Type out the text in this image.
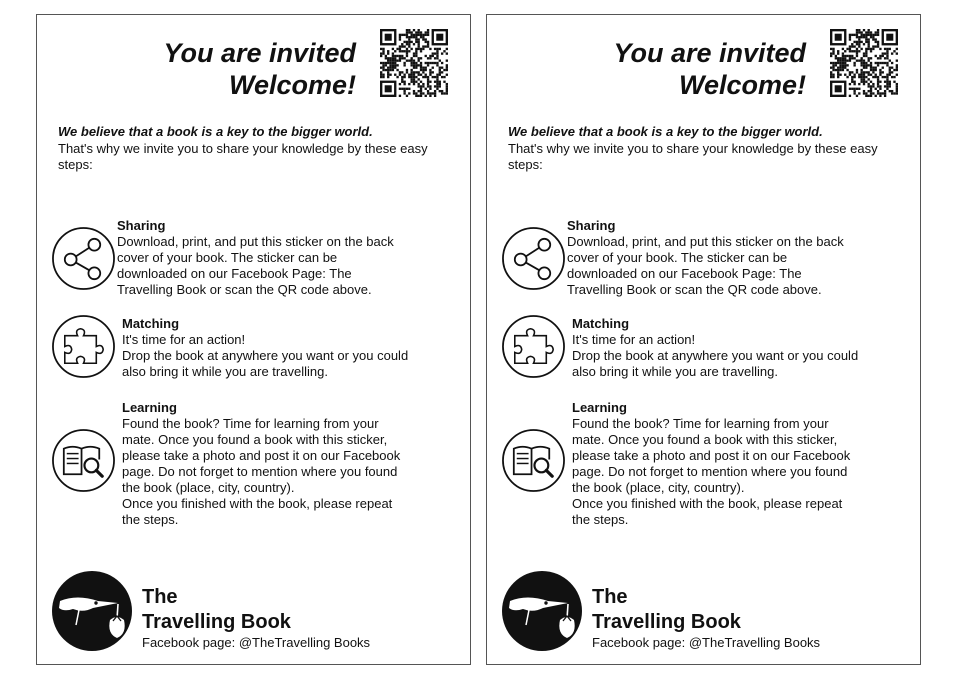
You are invited
Welcome!
We believe that a book is a key to the bigger world.
That's why we invite you to share your knowledge by these easy steps:
Sharing
Download, print, and put this sticker on the back
cover of your book. The sticker can be
downloaded on our Facebook Page: The
Travelling Book or scan the QR code above.
Matching
It's time for an action!
Drop the book at anywhere you want or you could
also bring it while you are travelling.
Learning
Found the book? Time for learning from your
mate. Once you found a book with this sticker,
please take a photo and post it on our Facebook
page. Do not forget to mention where you found
the book (place, city, country).
Once you finished with the book, please repeat
the steps.
The
Travelling Book
Facebook page: @TheTravelling Books
You are invited
Welcome!
We believe that a book is a key to the bigger world.
That's why we invite you to share your knowledge by these easy steps:
Sharing
Download, print, and put this sticker on the back
cover of your book. The sticker can be
downloaded on our Facebook Page: The
Travelling Book or scan the QR code above.
Matching
It's time for an action!
Drop the book at anywhere you want or you could
also bring it while you are travelling.
Learning
Found the book? Time for learning from your
mate. Once you found a book with this sticker,
please take a photo and post it on our Facebook
page. Do not forget to mention where you found
the book (place, city, country).
Once you finished with the book, please repeat
the steps.
The
Travelling Book
Facebook page: @TheTravelling Books
